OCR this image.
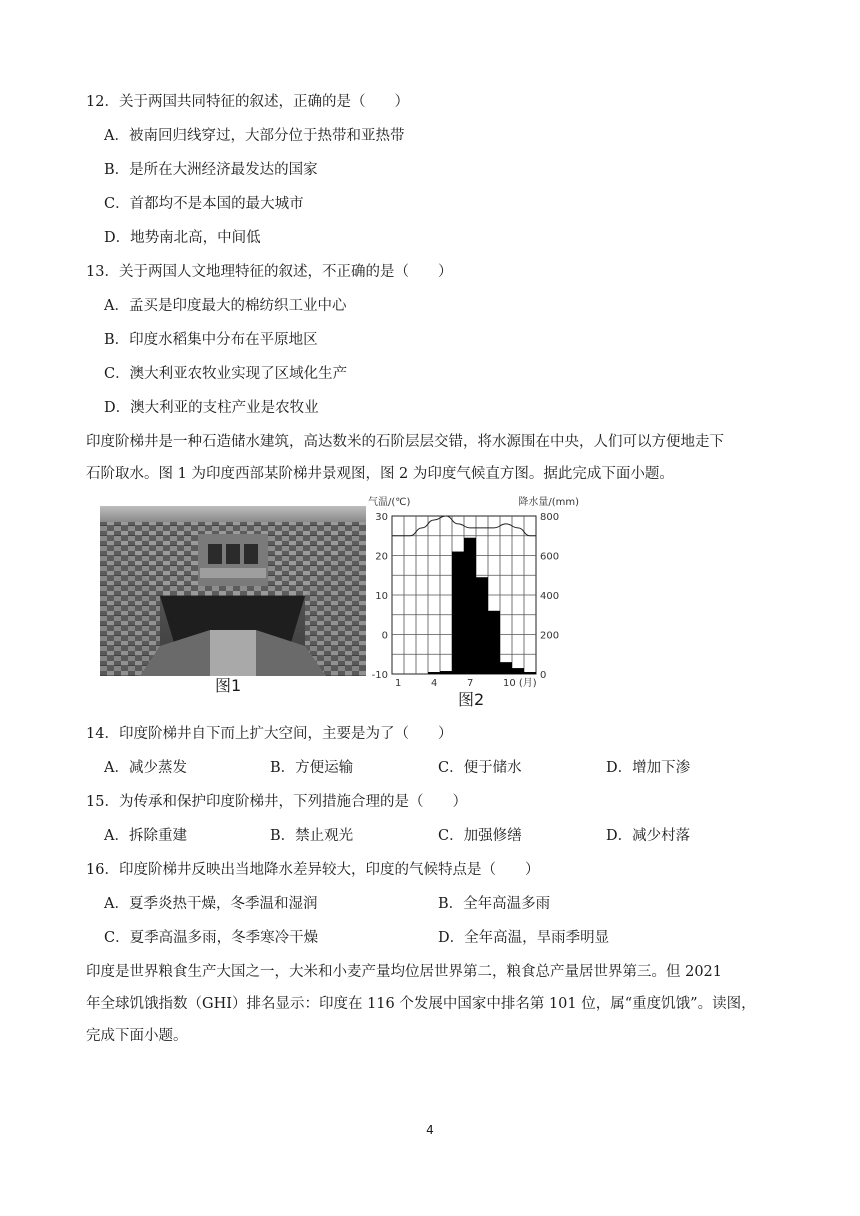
12．关于两国共同特征的叙述，正确的是（　　）
A．被南回归线穿过，大部分位于热带和亚热带
B．是所在大洲经济最发达的国家
C．首都均不是本国的最大城市
D．地势南北高，中间低
13．关于两国人文地理特征的叙述，不正确的是（　　）
A．孟买是印度最大的棉纺织工业中心
B．印度水稻集中分布在平原地区
C．澳大利亚农牧业实现了区域化生产
D．澳大利亚的支柱产业是农牧业
印度阶梯井是一种石造储水建筑，高达数米的石阶层层交错，将水源围在中央，人们可以方便地走下
石阶取水。图 1 为印度西部某阶梯井景观图，图 2 为印度气候直方图。据此完成下面小题。
图1
气温/(℃)	降水量/(mm)
30
20
10
0
-10
800
600
400
200
0
1	4	7	10 (月)
图2
14．印度阶梯井自下而上扩大空间，主要是为了（　　）
A．减少蒸发	B．方便运输	C．便于储水	D．增加下渗
15．为传承和保护印度阶梯井，下列措施合理的是（　　）
A．拆除重建	B．禁止观光	C．加强修缮	D．减少村落
16．印度阶梯井反映出当地降水差异较大，印度的气候特点是（　　）
A．夏季炎热干燥，冬季温和湿润	B．全年高温多雨
C．夏季高温多雨，冬季寒冷干燥	D．全年高温，旱雨季明显
印度是世界粮食生产大国之一，大米和小麦产量均位居世界第二，粮食总产量居世界第三。但 2021
年全球饥饿指数（GHI）排名显示：印度在 116 个发展中国家中排名第 101 位，属“重度饥饿”。读图，
完成下面小题。
4
